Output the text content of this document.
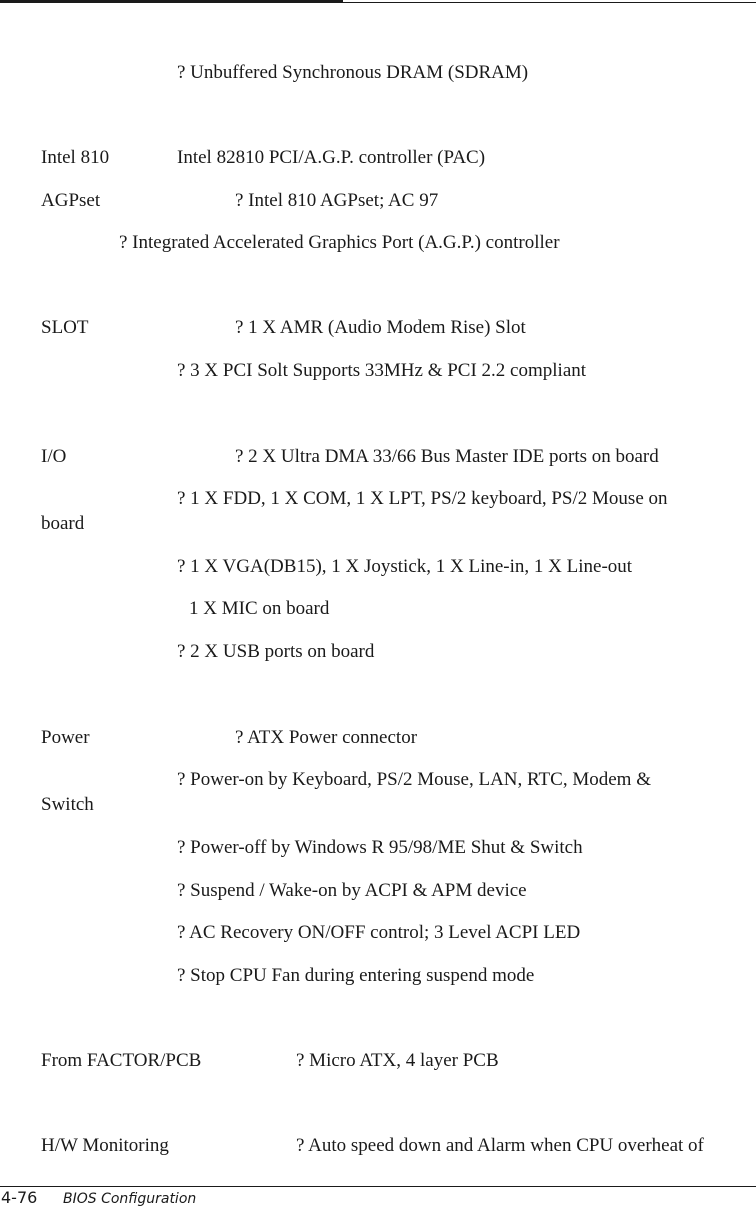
? Unbuffered Synchronous DRAM (SDRAM)
Intel 810	Intel 82810 PCI/A.G.P. controller (PAC)
AGPset	? Intel 810 AGPset; AC 97
? Integrated Accelerated Graphics Port (A.G.P.) controller
SLOT	? 1 X AMR (Audio Modem Rise) Slot
? 3 X PCI Solt Supports 33MHz & PCI 2.2 compliant
I/O	? 2 X Ultra DMA 33/66 Bus Master IDE ports on board
? 1 X FDD, 1 X COM, 1 X LPT, PS/2 keyboard, PS/2 Mouse on
board
? 1 X VGA(DB15), 1 X Joystick, 1 X Line-in, 1 X Line-out
1 X MIC on board
? 2 X USB ports on board
Power	? ATX Power connector
? Power-on by Keyboard, PS/2 Mouse, LAN, RTC, Modem &
Switch
? Power-off by Windows R 95/98/ME Shut & Switch
? Suspend / Wake-on by ACPI & APM device
? AC Recovery ON/OFF control; 3 Level ACPI LED
? Stop CPU Fan during entering suspend mode
From FACTOR/PCB	? Micro ATX, 4 layer PCB
H/W Monitoring	? Auto speed down and Alarm when CPU overheat of
4-76 BIOS Configuration
